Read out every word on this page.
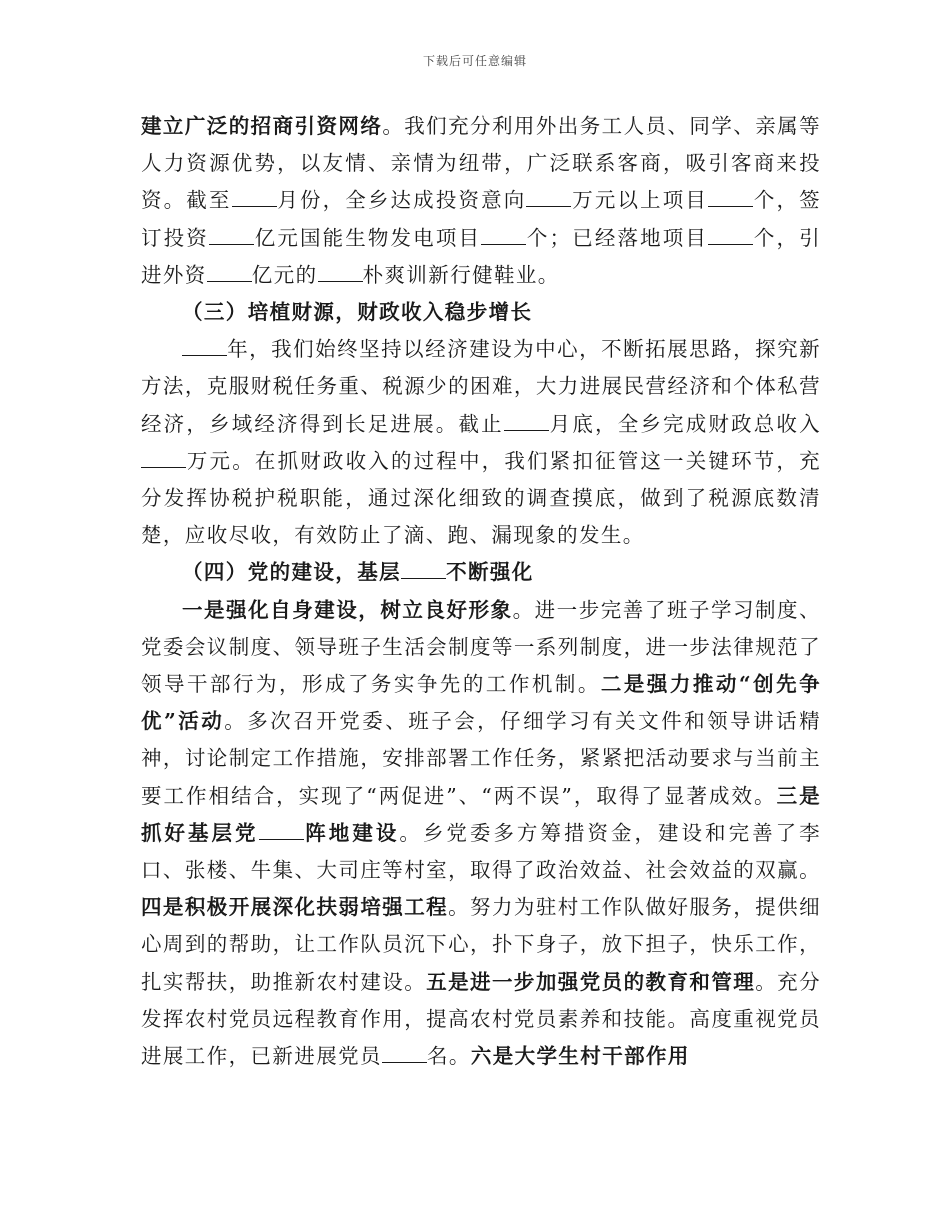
下载后可任意编辑

建立广泛的招商引资网络。我们充分利用外出务工人员、同学、亲属等人力资源优势，以友情、亲情为纽带，广泛联系客商，吸引客商来投资。截至 月份，全乡达成投资意向 万元以上项目 个，签订投资 亿元国能生物发电项目 个；已经落地项目 个，引进外资 亿元的 朴爽训新行健鞋业。

（三）培植财源，财政收入稳步增长

年，我们始终坚持以经济建设为中心，不断拓展思路，探究新方法，克服财税任务重、税源少的困难，大力进展民营经济和个体私营经济，乡域经济得到长足进展。截止 月底，全乡完成财政总收入万元。在抓财政收入的过程中，我们紧扣征管这一关键环节，充分发挥协税护税职能，通过深化细致的调查摸底，做到了税源底数清楚，应收尽收，有效防止了滴、跑、漏现象的发生。

（四）党的建设，基层 不断强化

一是强化自身建设，树立良好形象。进一步完善了班子学习制度、党委会议制度、领导班子生活会制度等一系列制度，进一步法律规范了领导干部行为，形成了务实争先的工作机制。二是强力推动“创先争优”活动。多次召开党委、班子会，仔细学习有关文件和领导讲话精神，讨论制定工作措施，安排部署工作任务，紧紧把活动要求与当前主要工作相结合，实现了“两促进”、“两不误”，取得了显著成效。三是抓好基层党 阵地建设。乡党委多方筹措资金，建设和完善了李口、张楼、牛集、大司庄等村室，取得了政治效益、社会效益的双赢。四是积极开展深化扶弱培强工程。努力为驻村工作队做好服务，提供细心周到的帮助，让工作队员沉下心，扑下身子，放下担子，快乐工作，扎实帮扶，助推新农村建设。五是进一步加强党员的教育和管理。充分发挥农村党员远程教育作用，提高农村党员素养和技能。高度重视党员进展工作，已新进展党员 名。六是大学生村干部作用
